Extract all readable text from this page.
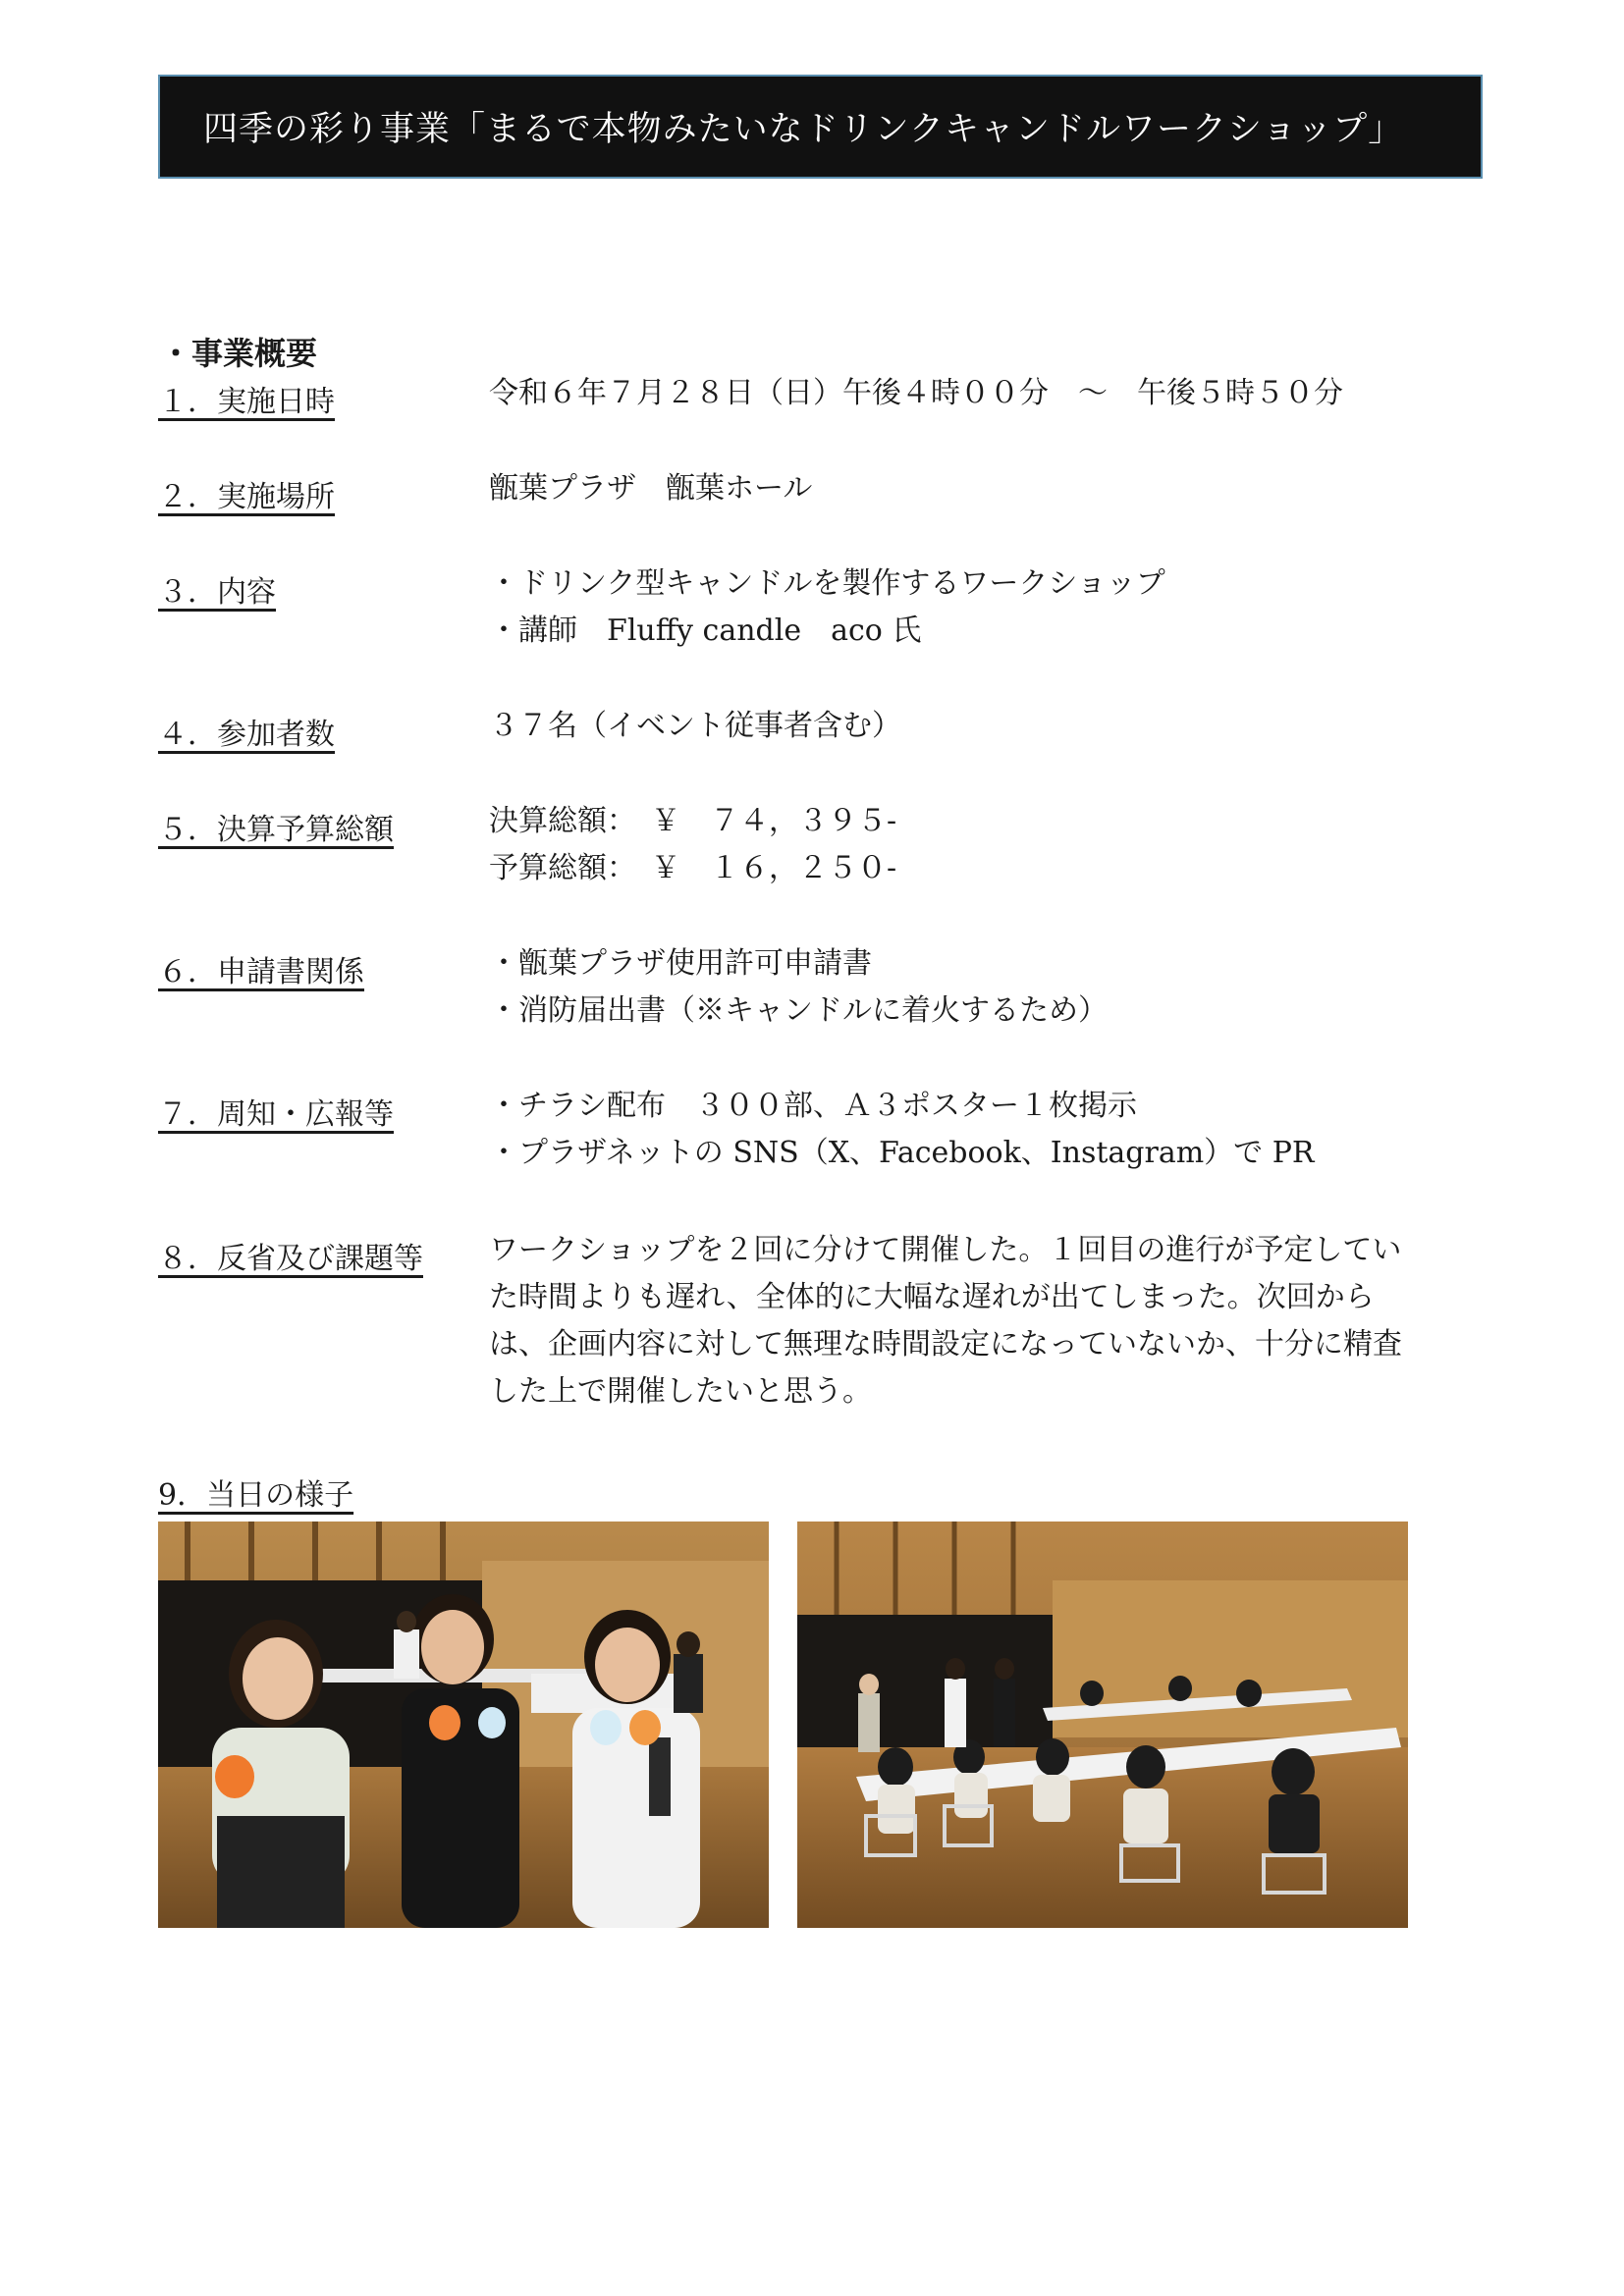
四季の彩り事業「まるで本物みたいなドリンクキャンドルワークショップ」
・事業概要
１．実施日時	令和６年７月２８日（日）午後４時００分　～　午後５時５０分
２．実施場所	甑葉プラザ　甑葉ホール
３．内容	・ドリンク型キャンドルを製作するワークショップ
・講師　Fluffy candle　aco 氏
４．参加者数	３７名（イベント従事者含む）
５．決算予算総額	決算総額：　￥　７４，３９５-
予算総額：　￥　１６，２５０-
６．申請書関係	・甑葉プラザ使用許可申請書
・消防届出書（※キャンドルに着火するため）
７．周知・広報等	・チラシ配布　３００部、Ａ３ポスター１枚掲示
・プラザネットの SNS（X、Facebook、Instagram）で PR
８．反省及び課題等 ワークショップを２回に分けて開催した。１回目の進行が予定していた時間よりも遅れ、全体的に大幅な遅れが出てしまった。次回からは、企画内容に対して無理な時間設定になっていないか、十分に精査した上で開催したいと思う。
9．当日の様子
